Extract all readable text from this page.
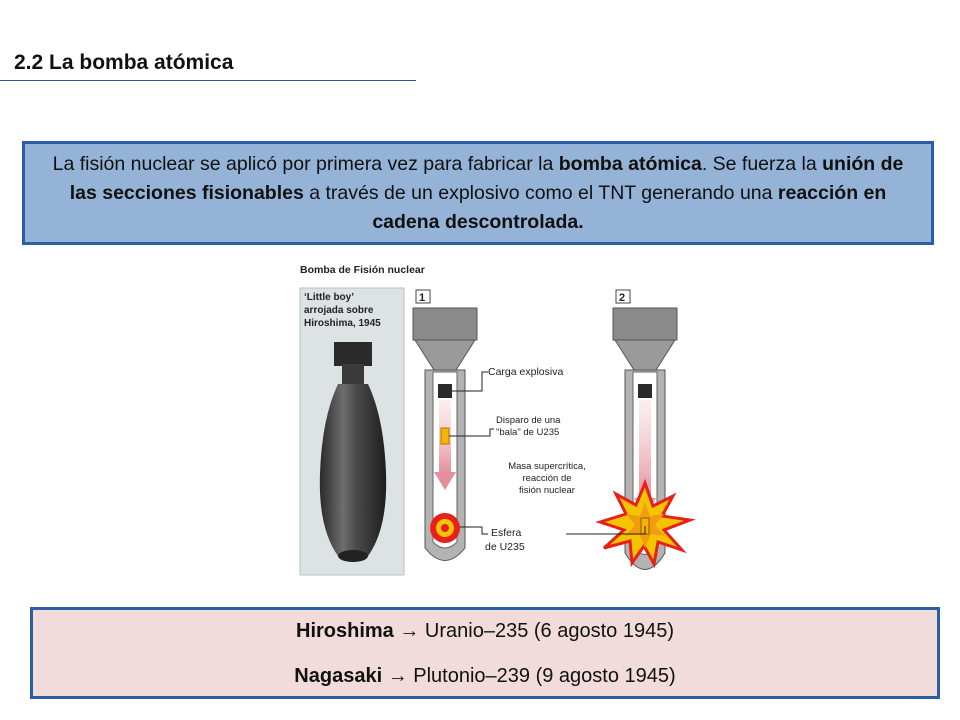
2.2 La bomba atómica
La fisión nuclear se aplicó por primera vez para fabricar la bomba atómica. Se fuerza la unión de las secciones fisionables a través de un explosivo como el TNT generando una reacción en cadena descontrolada.
Bomba de Fisión nuclear
‘Little boy’
arrojada sobre
Hiroshima, 1945
1	2
Carga explosiva
Disparo de una
"bala" de U235
Masa supercrítica,
reacción de
fisión nuclear
Esfera
de U235
Hiroshima → Uranio–235 (6 agosto 1945)
Nagasaki → Plutonio–239 (9 agosto 1945)
